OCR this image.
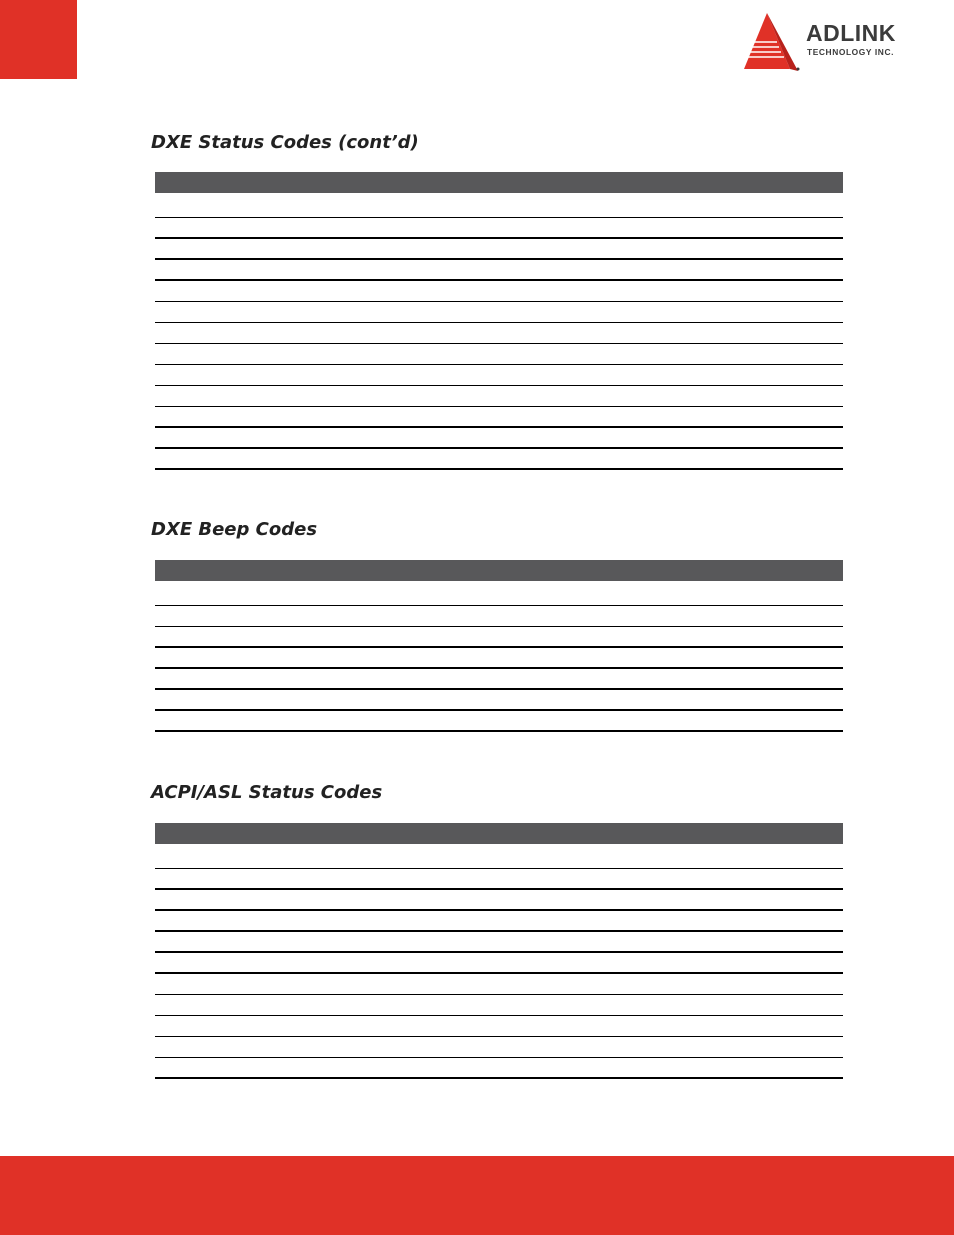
ADLINK
TECHNOLOGY INC.
DXE Status Codes (cont’d)
DXE Beep Codes
ACPI/ASL Status Codes
